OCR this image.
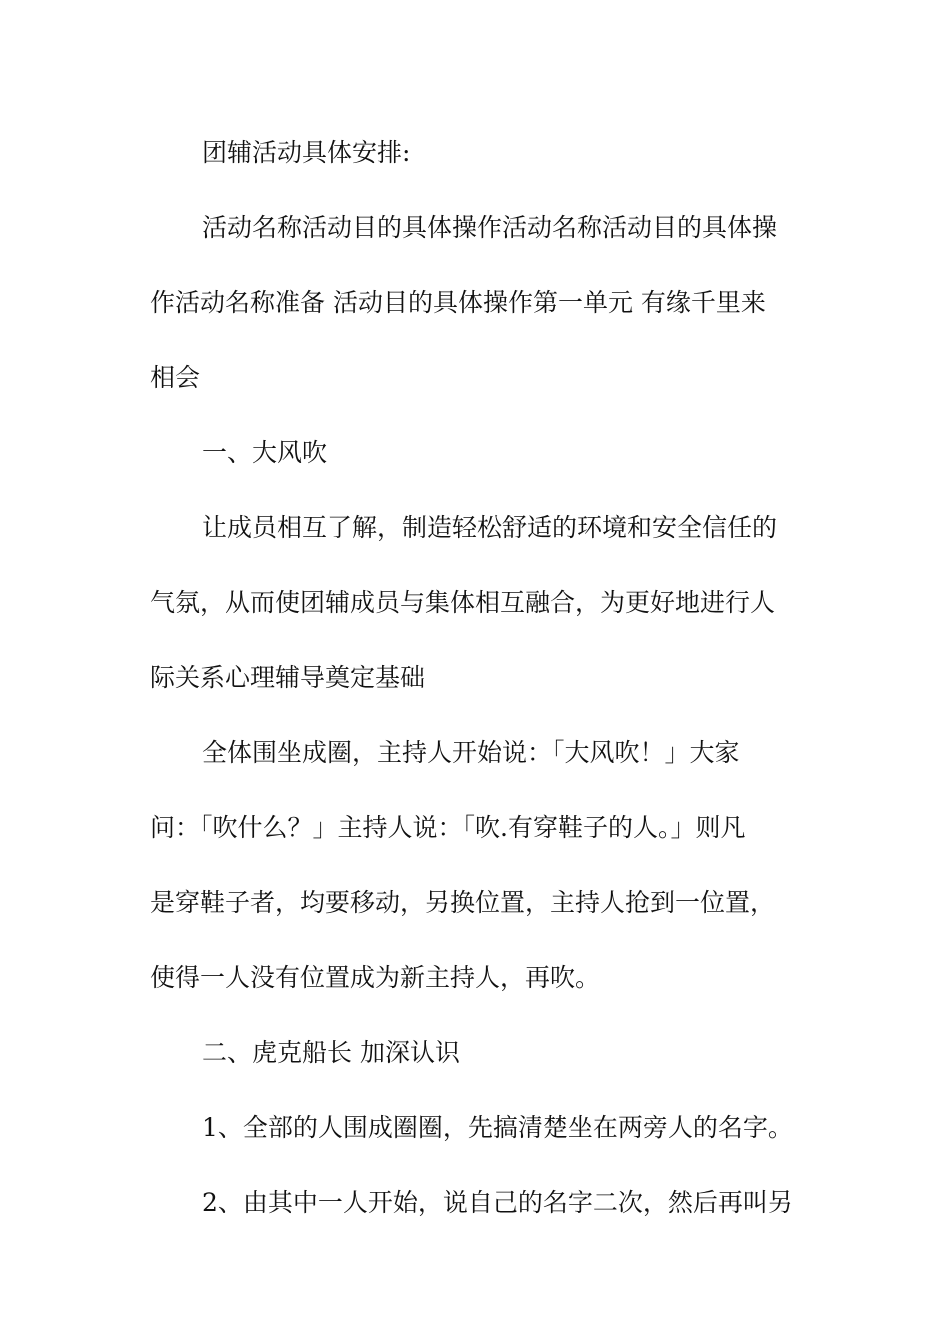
团辅活动具体安排:

活动名称活动目的具体操作活动名称活动目的具体操
作活动名称准备 活动目的具体操作第一单元 有缘千里来
相会

一、大风吹

让成员相互了解，制造轻松舒适的环境和安全信任的
气氛，从而使团辅成员与集体相互融合，为更好地进行人
际关系心理辅导奠定基础

全体围坐成圈，主持人开始说：「大风吹！」大家
问：「吹什么？」主持人说：「吹.有穿鞋子的人。」则凡
是穿鞋子者，均要移动，另换位置，主持人抢到一位置，
使得一人没有位置成为新主持人，再吹。

二、虎克船长 加深认识

1、全部的人围成圈圈，先搞清楚坐在两旁人的名字。

2、由其中一人开始，说自己的名字二次，然后再叫另
